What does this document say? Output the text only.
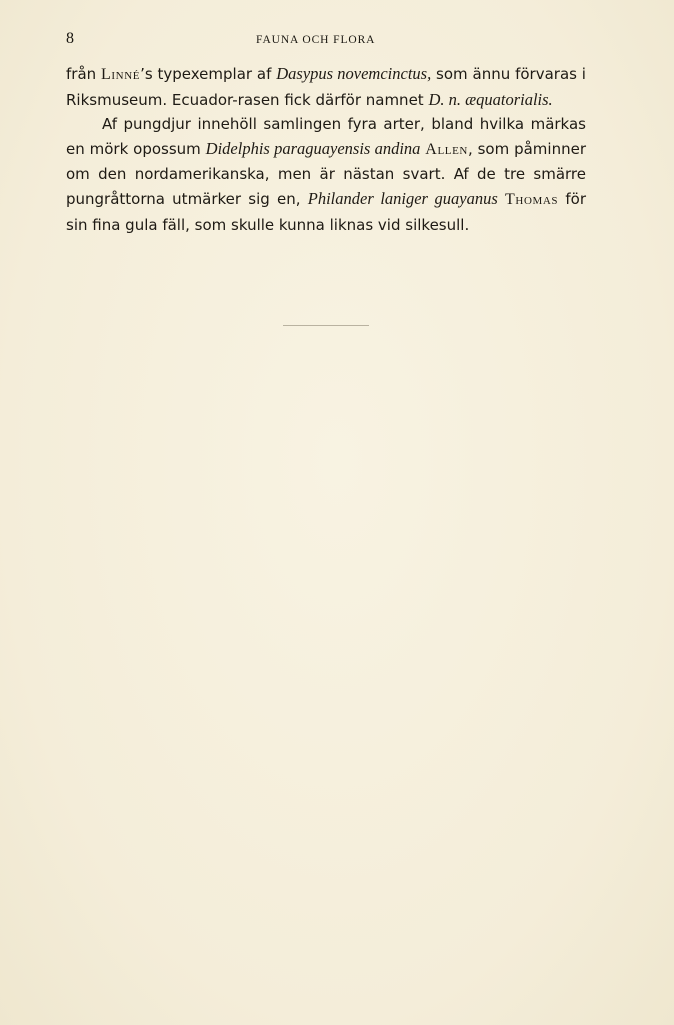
8	FAUNA OCH FLORA

från Linné’s typexemplar af Dasypus novemcinctus, som ännu förvaras i Riksmuseum. Ecuador-rasen fick därför namnet D. n. æquatorialis.

Af pungdjur innehöll samlingen fyra arter, bland hvilka märkas en mörk opossum Didelphis paraguayensis andina Allen, som påminner om den nordamerikanska, men är nästan svart. Af de tre smärre pungråttorna utmärker sig en, Philander laniger guayanus Thomas för sin fina gula fäll, som skulle kunna liknas vid silkesull.
